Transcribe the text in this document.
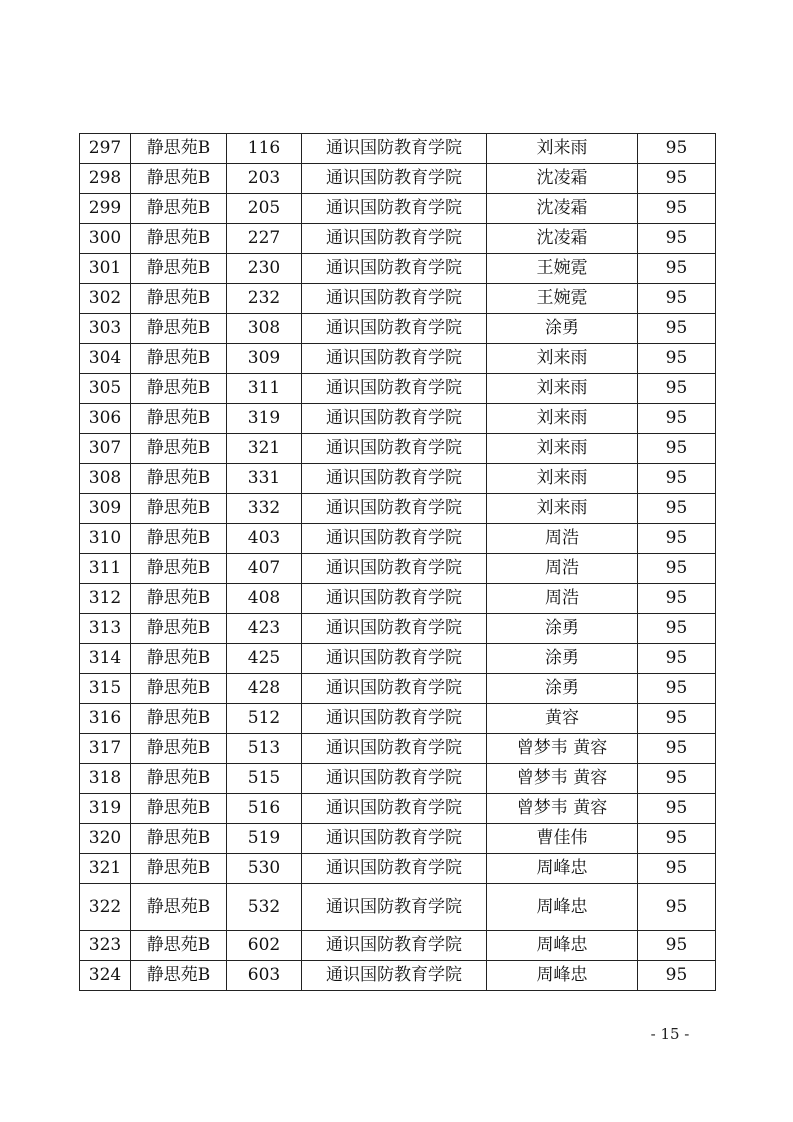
297	静思苑B	116	通识国防教育学院	刘来雨	95
298	静思苑B	203	通识国防教育学院	沈凌霜	95
299	静思苑B	205	通识国防教育学院	沈凌霜	95
300	静思苑B	227	通识国防教育学院	沈凌霜	95
301	静思苑B	230	通识国防教育学院	王婉霓	95
302	静思苑B	232	通识国防教育学院	王婉霓	95
303	静思苑B	308	通识国防教育学院	涂勇	95
304	静思苑B	309	通识国防教育学院	刘来雨	95
305	静思苑B	311	通识国防教育学院	刘来雨	95
306	静思苑B	319	通识国防教育学院	刘来雨	95
307	静思苑B	321	通识国防教育学院	刘来雨	95
308	静思苑B	331	通识国防教育学院	刘来雨	95
309	静思苑B	332	通识国防教育学院	刘来雨	95
310	静思苑B	403	通识国防教育学院	周浩	95
311	静思苑B	407	通识国防教育学院	周浩	95
312	静思苑B	408	通识国防教育学院	周浩	95
313	静思苑B	423	通识国防教育学院	涂勇	95
314	静思苑B	425	通识国防教育学院	涂勇	95
315	静思苑B	428	通识国防教育学院	涂勇	95
316	静思苑B	512	通识国防教育学院	黄容	95
317	静思苑B	513	通识国防教育学院	曾梦韦 黄容	95
318	静思苑B	515	通识国防教育学院	曾梦韦 黄容	95
319	静思苑B	516	通识国防教育学院	曾梦韦 黄容	95
320	静思苑B	519	通识国防教育学院	曹佳伟	95
321	静思苑B	530	通识国防教育学院	周峰忠	95
322	静思苑B	532	通识国防教育学院	周峰忠	95
323	静思苑B	602	通识国防教育学院	周峰忠	95
324	静思苑B	603	通识国防教育学院	周峰忠	95
- 15 -
